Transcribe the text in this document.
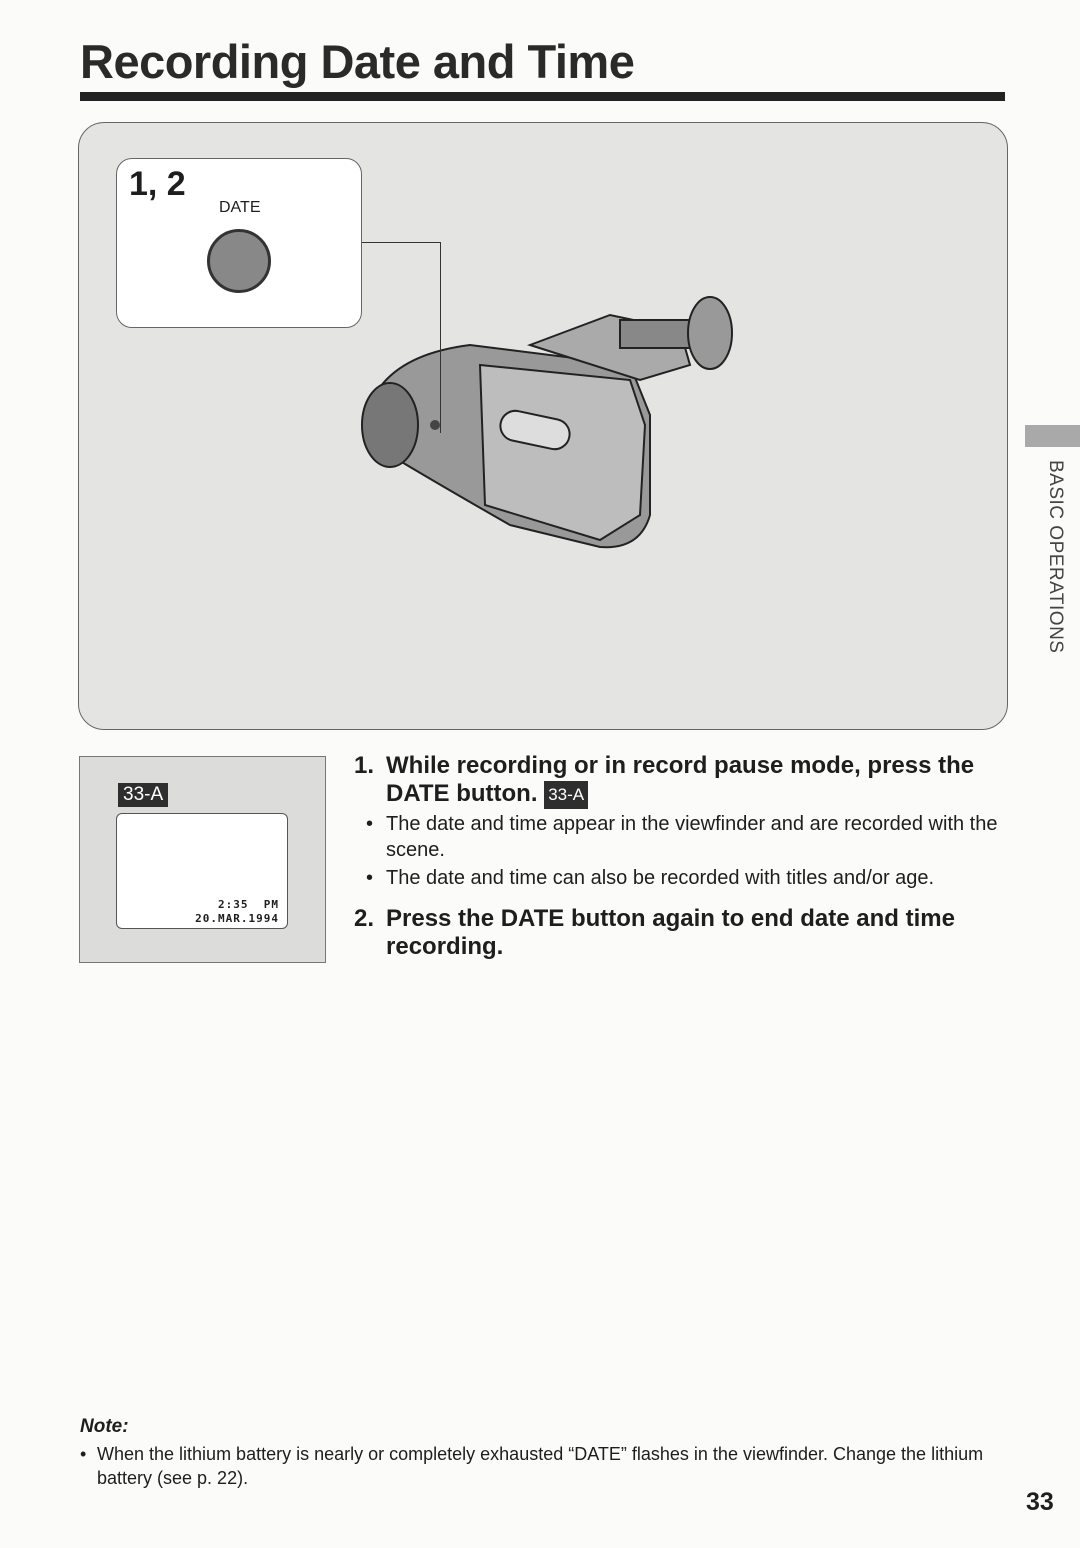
Recording Date and Time
1, 2
DATE
BASIC OPERATIONS
33-A
2:35  PM
20.MAR.1994
1. While recording or in record pause mode, press the DATE button. 33-A
• The date and time appear in the viewfinder and are recorded with the scene.
• The date and time can also be recorded with titles and/or age.
2. Press the DATE button again to end date and time recording.
Note:
• When the lithium battery is nearly or completely exhausted “DATE” flashes in the viewfinder. Change the lithium battery (see p. 22).
33
